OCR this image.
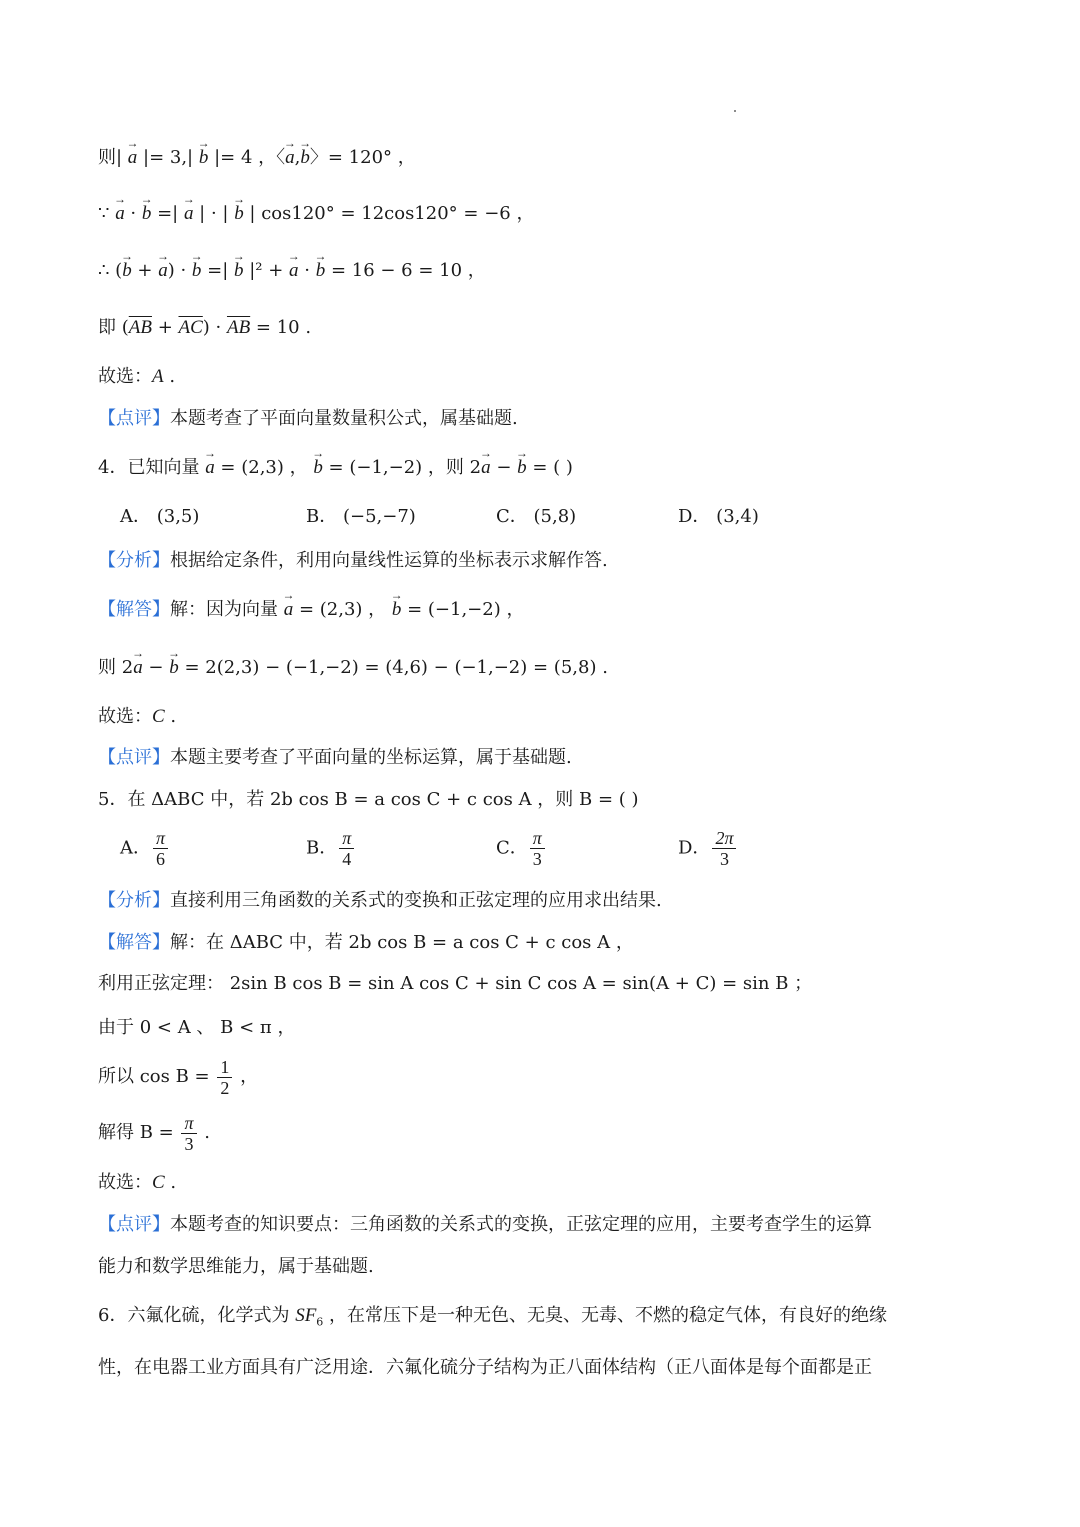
则| → a |= 3,| → b |= 4 ，〈→ a,→ b〉= 120° ，
∵ → a · → b =| → a | · | → b | cos120° = 12cos120° = −6 ，
∴ (→ b + → a) · → b =| → b |² + → a · → b = 16 − 6 = 10 ，
即 $(\overline{AB} + \overline{AC}) \cdot \overline{AB} = 10$ .
故选：A .
【点评】本题考查了平面向量数量积公式，属基础题.
4．已知向量 → a = (2,3) ， → b = (−1,−2) ，则 2→ a − → b = ( )
A． (3,5)	B． (−5,−7)	C． (5,8)	D． (3,4)
【分析】根据给定条件，利用向量线性运算的坐标表示求解作答.
【解答】解：因为向量 → a = (2,3) ， → b = (−1,−2) ，
则 2→ a − → b = 2(2,3) − (−1,−2) = (4,6) − (−1,−2) = (5,8) .
故选：C .
【点评】本题主要考查了平面向量的坐标运算，属于基础题.
5．在 ΔABC 中，若 2b cos B = a cos C + c cos A ，则 B = ( )
A． $\frac{\pi}{6}$	B． $\frac{\pi}{4}$	C． $\frac{\pi}{3}$	D． $\frac{2\pi}{3}$
【分析】直接利用三角函数的关系式的变换和正弦定理的应用求出结果.
【解答】解：在 ΔABC 中，若 2b cos B = a cos C + c cos A ，
利用正弦定理： 2sin B cos B = sin A cos C + sin C cos A = sin(A + C) = sin B ；
由于 0 < A 、 B < π ，
所以 $\cos B = \frac{1}{2}$ ，
解得 $B = \frac{\pi}{3}$ .
故选：C .
【点评】本题考查的知识要点：三角函数的关系式的变换，正弦定理的应用，主要考查学生的运算
能力和数学思维能力，属于基础题.
6．六氟化硫，化学式为 $SF_6$ ，在常压下是一种无色、无臭、无毒、不燃的稳定气体，有良好的绝缘
性，在电器工业方面具有广泛用途．六氟化硫分子结构为正八面体结构（正八面体是每个面都是正
